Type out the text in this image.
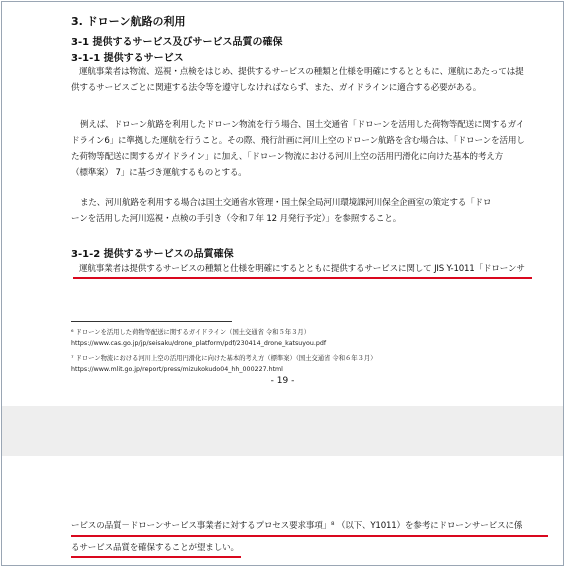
3. ドローン航路の利用
3-1 提供するサービス及びサービス品質の確保
3-1-1 提供するサービス
運航事業者は物流、巡視・点検をはじめ、提供するサービスの種類と仕様を明確にするとともに、運航にあたっては提
供するサービスごとに関連する法令等を遵守しなければならず、また、ガイドラインに適合する必要がある。
例えば、ドローン航路を利用したドローン物流を行う場合、国土交通省「ドローンを活用した荷物等配送に関するガイ
ドライン6」に準拠した運航を行うこと。その際、飛行計画に河川上空のドローン航路を含む場合は、「ドローンを活用し
た荷物等配送に関するガイドライン」に加え、「ドローン物流における河川上空の活用円滑化に向けた基本的考え方
（標準案） 7」に基づき運航するものとする。
また、河川航路を利用する場合は国土交通省水管理・国土保全局河川環境課河川保全企画室の策定する「ドロ
ーンを活用した河川巡視・点検の手引き（令和７年 12 月発行予定）」を参照すること。
3-1-2 提供するサービスの品質確保
運航事業者は提供するサービスの種類と仕様を明確にするとともに提供するサービスに関して JIS Y-1011「ドローンサ
⁶ ドローンを活用した荷物等配送に関するガイドライン（国土交通省 令和５年３月）
https://www.cas.go.jp/jp/seisaku/drone_platform/pdf/230414_drone_katsuyou.pdf
⁷ ドローン物流における河川上空の活用円滑化に向けた基本的考え方（標準案）（国土交通省 令和６年３月）
https://www.mlit.go.jp/report/press/mizukokudo04_hh_000227.html
- 19 -
ービスの品質－ドローンサービス事業者に対するプロセス要求事項」⁸ （以下、Y1011）を参考にドローンサービスに係
るサービス品質を確保することが望ましい。
